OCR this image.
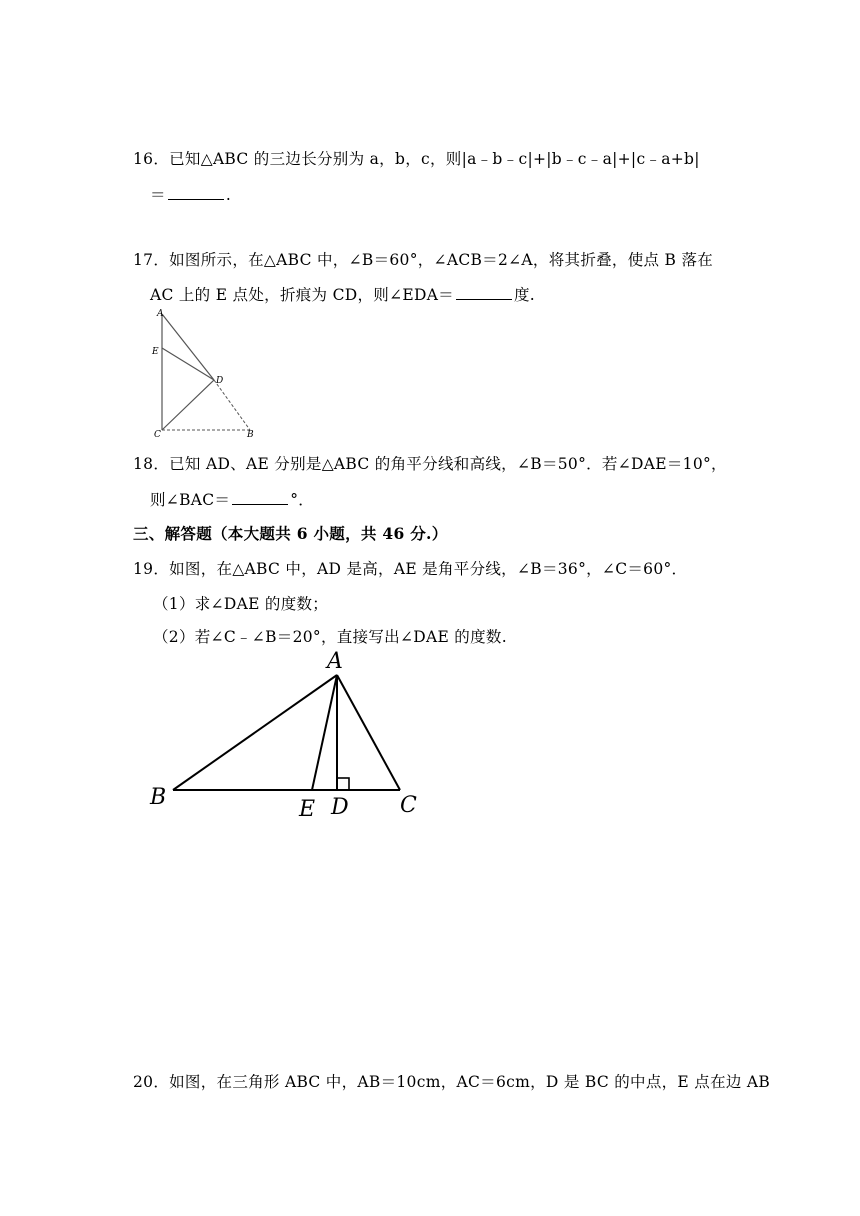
16．已知△ABC 的三边长分别为 a，b，c，则|a﹣b﹣c|+|b﹣c﹣a|+|c﹣a+b|
＝	.
17．如图所示，在△ABC 中，∠B＝60°，∠ACB＝2∠A，将其折叠，使点 B 落在
AC 上的 E 点处，折痕为 CD，则∠EDA＝	度.
A
E
D
C	B
18．已知 AD、AE 分别是△ABC 的角平分线和高线，∠B＝50°．若∠DAE＝10°，
则∠BAC＝	°．
三、解答题（本大题共 6 小题，共 46 分.）
19．如图，在△ABC 中，AD 是高，AE 是角平分线，∠B＝36°，∠C＝60°．
（1）求∠DAE 的度数；
（2）若∠C﹣∠B＝20°，直接写出∠DAE 的度数.
A
B	E D C
20．如图，在三角形 ABC 中，AB＝10cm，AC＝6cm，D 是 BC 的中点，E 点在边 AB
